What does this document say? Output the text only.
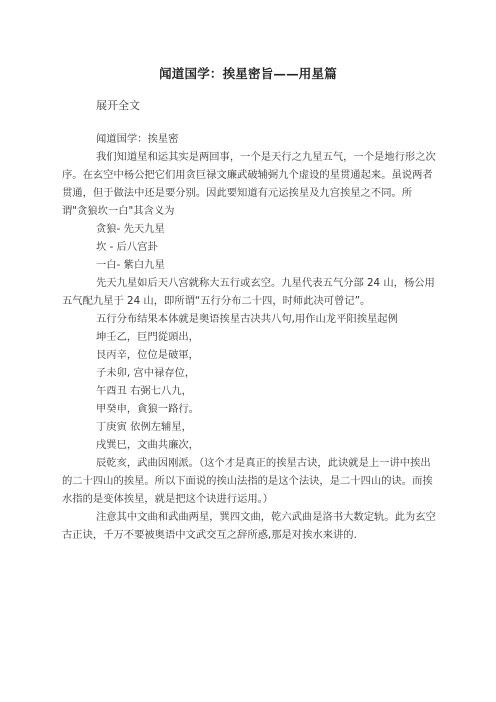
闻道国学：挨星密旨——用星篇
展开全文

闻道国学：挨星密

我们知道星和运其实是两回事，一个是天行之九星五气，一个是地行形之次序。在玄空中杨公把它们用贪巨禄文廉武破辅弼九个虚设的星贯通起来。虽说两者贯通，但于做法中还是要分别。因此要知道有元运挨星及九宫挨星之不同。所谓"贪狼坎一白"其含义为

贪狼- 先天九星

坎 - 后八宫卦

一白- 紫白九星

先天九星如后天八宫就称大五行或玄空。九星代表五气分部 24 山，杨公用五气配九星于 24 山，即所谓“五行分布二十四，时师此决可曾记”。

五行分布结果本体就是奥语挨星古决共八句,用作山龙平阳挨星起例

坤壬乙，巨門從頭出，

艮丙辛，位位是破軍，

子未卯, 宫中禄存位，

午酉丑 右弼七八九，

甲癸申，貪狼一路行。

丁庚寅 依例左辅星，

戌巽巳，文曲共廉次，

辰乾亥，武曲因刚派。（这个才是真正的挨星古诀，此诀就是上一讲中挨出的二十四山的挨星。所以下面说的挨山法指的是这个法诀，是二十四山的诀。而挨水指的是变体挨星，就是把这个诀进行运用。）

注意其中文曲和武曲两星，巽四文曲，乾六武曲是洛书大数定轨。此为玄空古正诀，千万不要被奥语中文武交互之辞所惑,那是对挨水来讲的.
